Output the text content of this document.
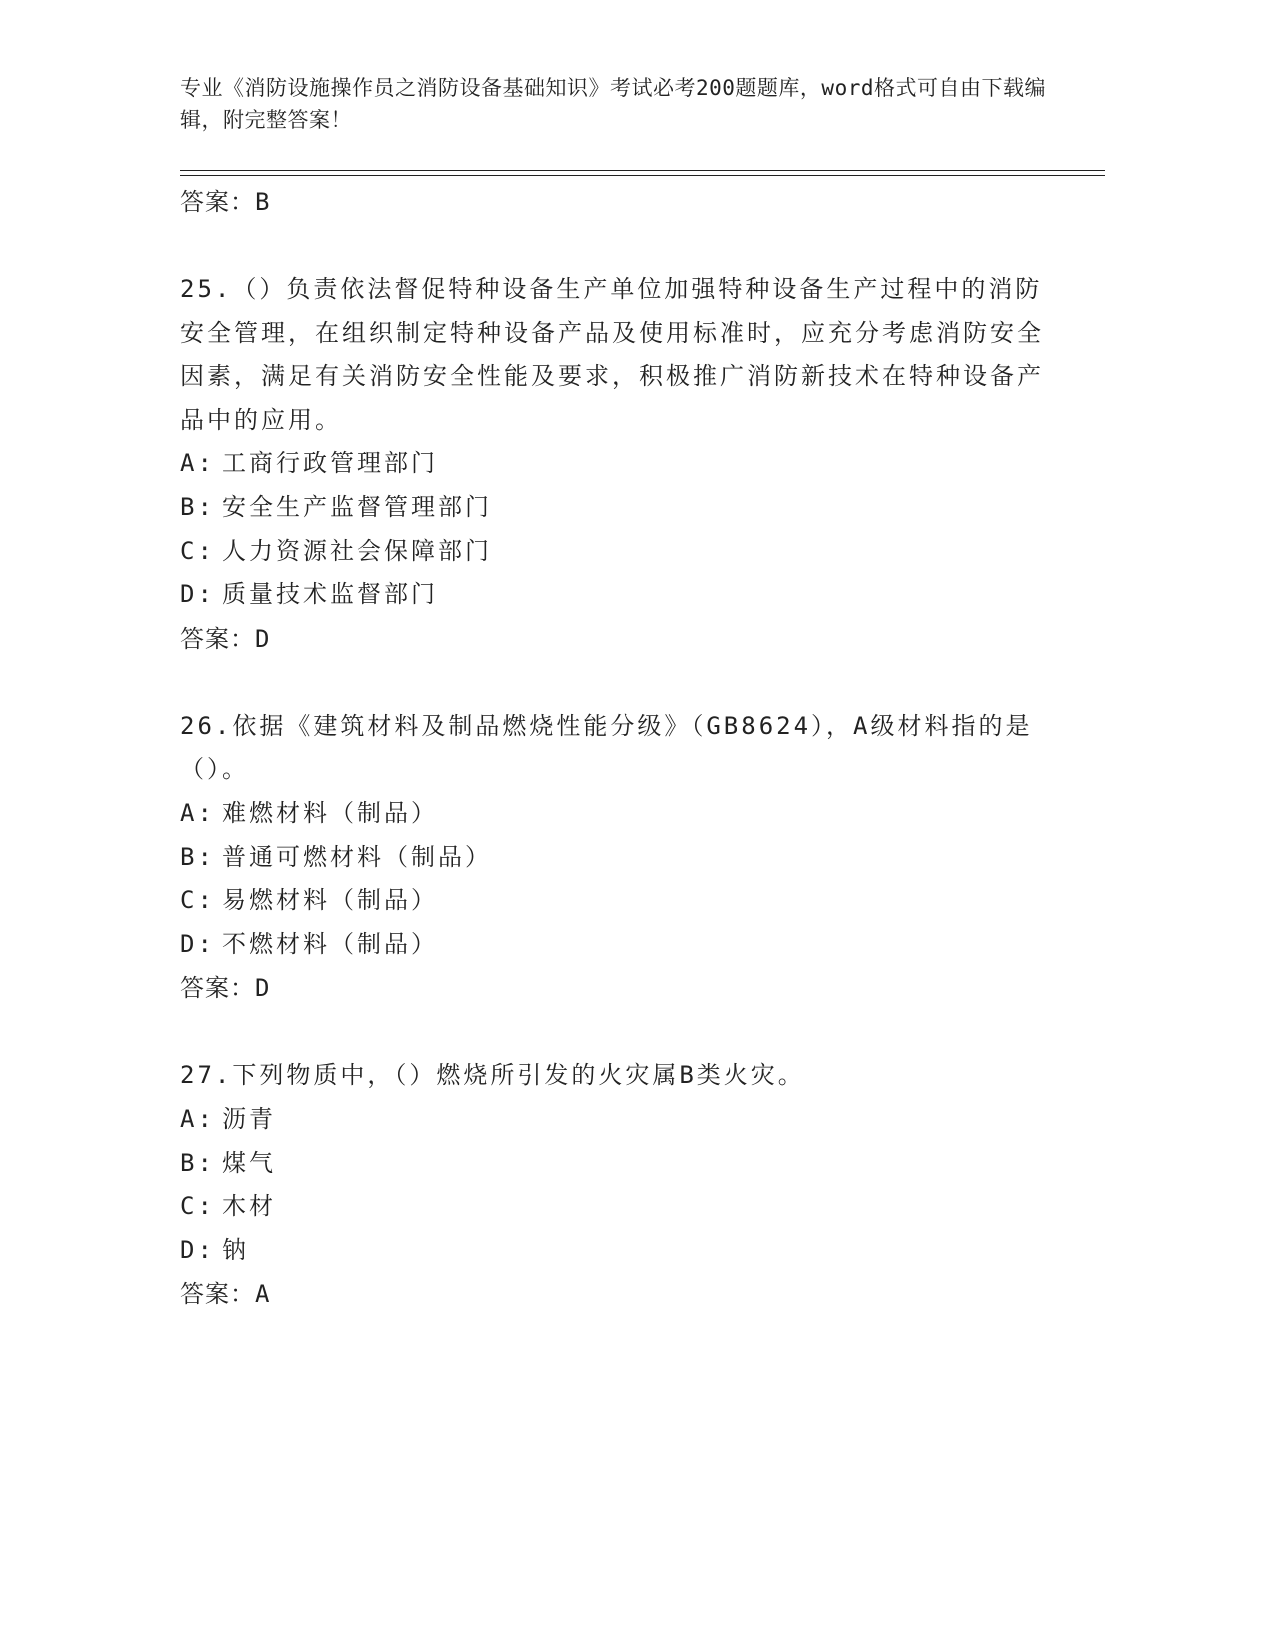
专业《消防设施操作员之消防设备基础知识》考试必考200题题库，word格式可自由下载编辑，附完整答案！
答案：B

25.（）负责依法督促特种设备生产单位加强特种设备生产过程中的消防安全管理，在组织制定特种设备产品及使用标准时，应充分考虑消防安全因素，满足有关消防安全性能及要求，积极推广消防新技术在特种设备产品中的应用。

A: 工商行政管理部门
B: 安全生产监督管理部门
C: 人力资源社会保障部门
D: 质量技术监督部门
答案：D

26.依据《建筑材料及制品燃烧性能分级》（GB8624），A级材料指的是（）。

A: 难燃材料（制品）
B: 普通可燃材料（制品）
C: 易燃材料（制品）
D: 不燃材料（制品）
答案：D

27.下列物质中，（）燃烧所引发的火灾属B类火灾。

A: 沥青
B: 煤气
C: 木材
D: 钠
答案：A
